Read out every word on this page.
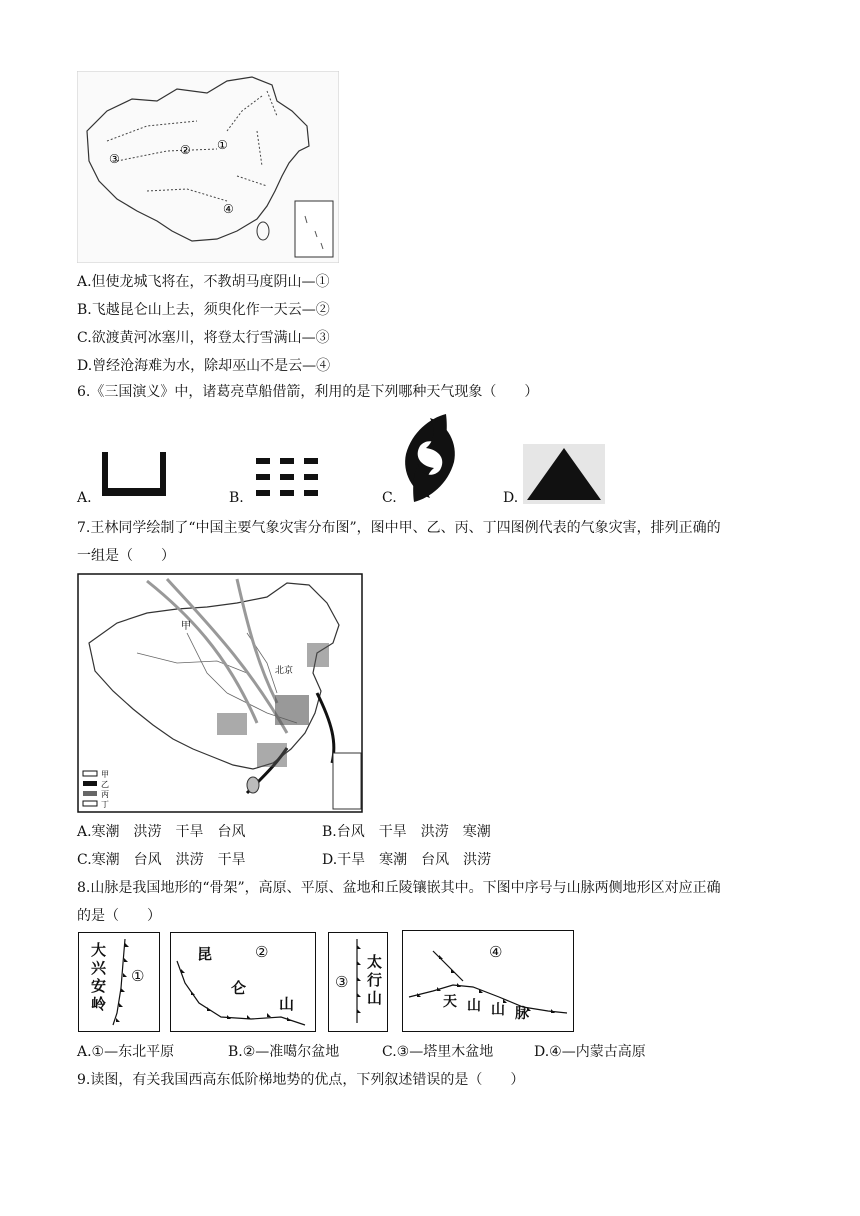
② ①
③
④
A.但使龙城飞将在，不教胡马度阴山—①
B.飞越昆仑山上去，须臾化作一天云—②
C.欲渡黄河冰塞川，将登太行雪满山—③
D.曾经沧海难为水，除却巫山不是云—④
6.《三国演义》中，诸葛亮草船借箭，利用的是下列哪种天气现象（　　）
A.	B.	C.	D.
7.王林同学绘制了“中国主要气象灾害分布图”，图中甲、乙、丙、丁四图例代表的气象灾害，排列正确的
一组是（　　）
甲
北京
甲
乙
丙
丁
A.寒潮　洪涝　干旱　台风	B.台风　干旱　洪涝　寒潮
C.寒潮　台风　洪涝　干旱	D.干旱　寒潮　台风　洪涝
8.山脉是我国地形的“骨架”，高原、平原、盆地和丘陵镶嵌其中。下图中序号与山脉两侧地形区对应正确
的是（　　）
大
兴
安
岭
①
昆
仑
山
②
③
太
行
山
④
天 山 山 脉
A.①—东北平原	B.②—准噶尔盆地	C.③—塔里木盆地	D.④—内蒙古高原
9.读图，有关我国西高东低阶梯地势的优点，下列叙述错误的是（　　）
